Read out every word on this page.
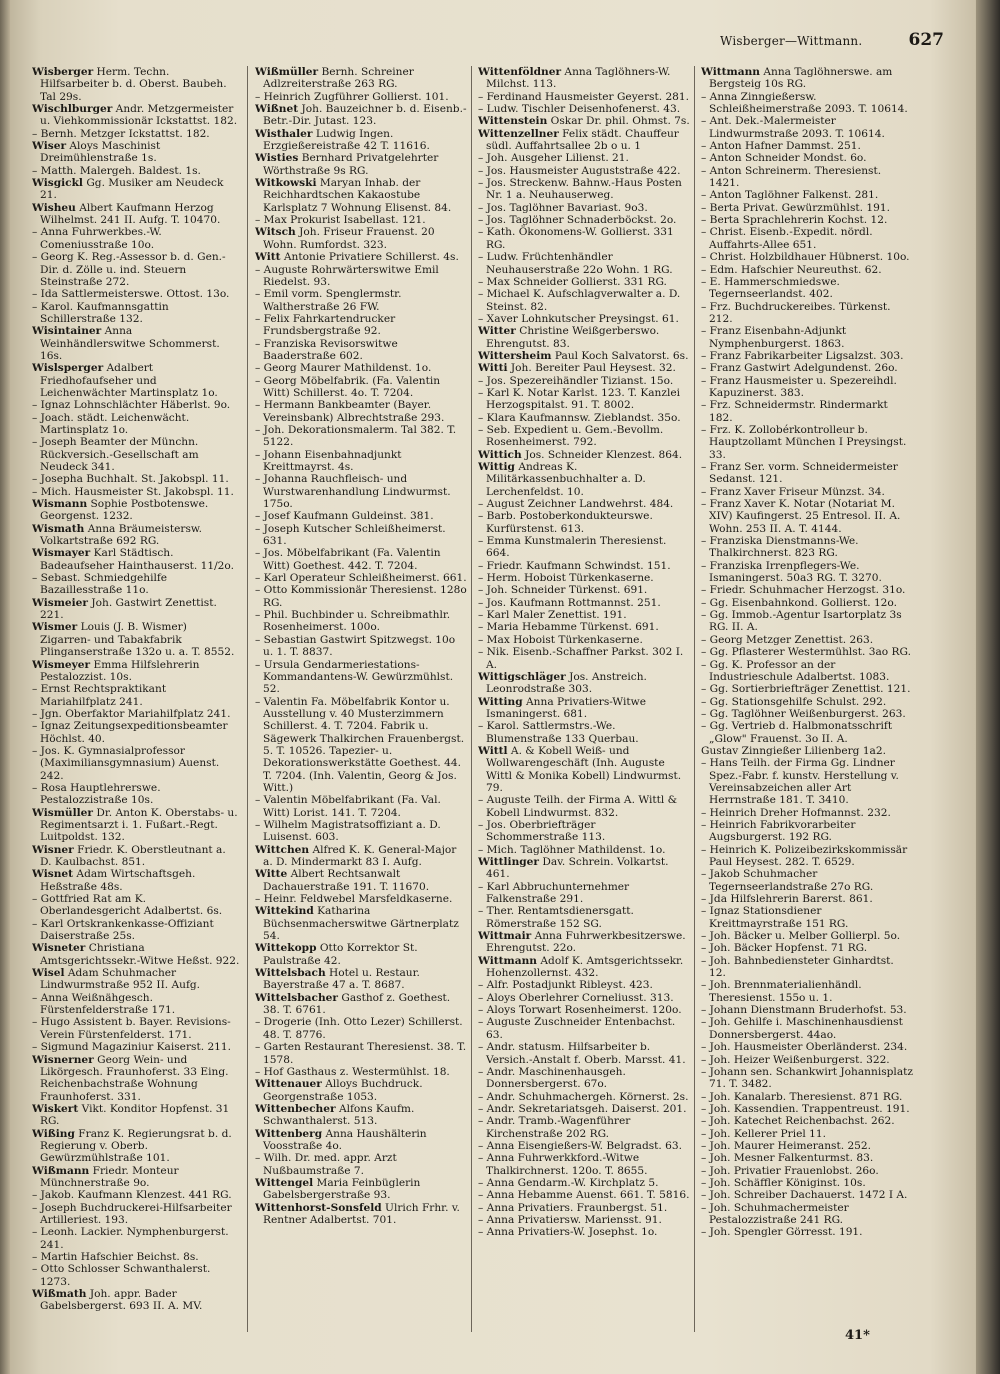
Wisberger—Wittmann.	627

Wisberger Herm. Techn. Hilfsarbeiter b. d. Oberst. Baubeh. Tal 29s.

Wischlburger Andr. Metzgermeister u. Viehkommissionär Ickstattst. 182.

– Bernh. Metzger Ickstattst. 182.

Wiser Aloys Maschinist Dreimühlenstraße 1s.

– Matth. Malergeh. Baldest. 1s.

Wisgickl Gg. Musiker am Neudeck 21.

Wisheu Albert Kaufmann Herzog Wilhelmst. 241 II. Aufg. T. 10470.

– Anna Fuhrwerkbes.-W. Comeniusstraße 10o.

– Georg K. Reg.-Assessor b. d. Gen.-Dir. d. Zölle u. ind. Steuern Steinstraße 272.

– Ida Sattlermeisterswe. Ottost. 13o.

– Karol. Kaufmannsgattin Schillerstraße 132.

Wisintainer Anna Weinhändlerswitwe Schommerst. 16s.

Wislsperger Adalbert Friedhofaufseher und Leichenwächter Martinsplatz 1o.

– Ignaz Lohnschlächter Häberlst. 9o.

– Joach. städt. Leichenwächt. Martinsplatz 1o.

– Joseph Beamter der Münchn. Rückversich.-Gesellschaft am Neudeck 341.

– Josepha Buchhalt. St. Jakobspl. 11.

– Mich. Hausmeister St. Jakobspl. 11.

Wismann Sophie Postbotenswe. Georgenst. 1232.

Wismath Anna Bräumeistersw. Volkartstraße 692 RG.

Wismayer Karl Städtisch. Badeaufseher Hainthauserst. 11/2o.

– Sebast. Schmiedgehilfe Bazaillesstraße 11o.

Wismeier Joh. Gastwirt Zenettist. 221.

Wismer Louis (J. B. Wismer) Zigarren- und Tabakfabrik Plinganserstraße 132o u. a. T. 8552.

Wismeyer Emma Hilfslehrerin Pestalozzist. 10s.

– Ernst Rechtspraktikant Mariahilfplatz 241.

– Jgn. Oberfaktor Mariahilfplatz 241.

– Ignaz Zeitungsexpeditionsbeamter Höchlst. 40.

– Jos. K. Gymnasialprofessor (Maximiliansgymnasium) Auenst. 242.

– Rosa Hauptlehrerswe. Pestalozzistraße 10s.

Wismüller Dr. Anton K. Oberstabs- u. Regimentsarzt i. 1. Fußart.-Regt. Luitpoldst. 132.

Wisner Friedr. K. Oberstleutnant a. D. Kaulbachst. 851.

Wisnet Adam Wirtschaftsgeh. Heßstraße 48s.

– Gottfried Rat am K. Oberlandesgericht Adalbertst. 6s.

– Karl Ortskrankenkasse-Offiziant Daiserstraße 25s.

Wisneter Christiana Amtsgerichtssekr.-Witwe Heßst. 922.

Wisel Adam Schuhmacher Lindwurmstraße 952 II. Aufg.

– Anna Weißnähgesch. Fürstenfelderstraße 171.

– Hugo Assistent b. Bayer. Revisions-Verein Fürstenfelderst. 171.

– Sigmund Magaziniur Kaiserst. 211.

Wisnerner Georg Wein- und Likörgesch. Fraunhoferst. 33 Eing. Reichenbachstraße Wohnung Fraunhoferst. 331.

Wiskert Vikt. Konditor Hopfenst. 31 RG.

Wißing Franz K. Regierungsrat b. d. Regierung v. Oberb. Gewürzmühlstraße 101.

Wißmann Friedr. Monteur Münchnerstraße 9o.

– Jakob. Kaufmann Klenzest. 441 RG.

– Joseph Buchdruckerei-Hilfsarbeiter Artilleriest. 193.

– Leonh. Lackier. Nymphenburgerst. 241.

– Martin Hafschier Beichst. 8s.

– Otto Schlosser Schwanthalerst. 1273.

Wißmath Joh. appr. Bader Gabelsbergerst. 693 II. A. MV.

Wißmüller Bernh. Schreiner Adlzreiterstraße 263 RG.

– Heinrich Zugführer Gollierst. 101.

Wißnet Joh. Bauzeichner b. d. Eisenb.-Betr.-Dir. Jutast. 123.

Wisthaler Ludwig Ingen. Erzgießereistraße 42 T. 11616.

Wisties Bernhard Privatgelehrter Wörthstraße 9s RG.

Witkowski Maryan Inhab. der Reichhardtschen Kakaostube Karlsplatz 7 Wohnung Elisenst. 84.

– Max Prokurist Isabellast. 121.

Witsch Joh. Friseur Frauenst. 20 Wohn. Rumfordst. 323.

Witt Antonie Privatiere Schillerst. 4s.

– Auguste Rohrwärterswitwe Emil Riedelst. 93.

– Emil vorm. Spenglermstr. Waltherstraße 26 FW.

– Felix Fahrkartendrucker Frundsbergstraße 92.

– Franziska Revisorswitwe Baaderstraße 602.

– Georg Maurer Mathildenst. 1o.

– Georg Möbelfabrik. (Fa. Valentin Witt) Schillerst. 4o. T. 7204.

– Hermann Bankbeamter (Bayer. Vereinsbank) Albrechtstraße 293.

– Joh. Dekorationsmalerm. Tal 382. T. 5122.

– Johann Eisenbahnadjunkt Kreittmayrst. 4s.

– Johanna Rauchfleisch- und Wurstwarenhandlung Lindwurmst. 175o.

– Josef Kaufmann Guldeinst. 381.

– Joseph Kutscher Schleißheimerst. 631.

– Jos. Möbelfabrikant (Fa. Valentin Witt) Goethest. 442. T. 7204.

– Karl Operateur Schleißheimerst. 661.

– Otto Kommissionär Theresienst. 128o RG.

– Phil. Buchbinder u. Schreibmathlr. Rosenheimerst. 100o.

– Sebastian Gastwirt Spitzwegst. 10o u. 1. T. 8837.

– Ursula Gendarmeriestations-Kommandantens-W. Gewürzmühlst. 52.

– Valentin Fa. Möbelfabrik Kontor u. Ausstellung v. 40 Musterzimmern Schillerst. 4. T. 7204. Fabrik u. Sägewerk Thalkirchen Frauenbergst. 5. T. 10526. Tapezier- u. Dekorationswerkstätte Goethest. 44. T. 7204. (Inh. Valentin, Georg & Jos. Witt.)

– Valentin Möbelfabrikant (Fa. Val. Witt) Lorist. 141. T. 7204.

– Wilhelm Magistratsoffiziant a. D. Luisenst. 603.

Wittchen Alfred K. K. General-Major a. D. Mindermarkt 83 I. Aufg.

Witte Albert Rechtsanwalt Dachauerstraße 191. T. 11670.

– Heinr. Feldwebel Marsfeldkaserne.

Wittekind Katharina Büchsenmacherswitwe Gärtnerplatz 54.

Wittekopp Otto Korrektor St. Paulstraße 42.

Wittelsbach Hotel u. Restaur. Bayerstraße 47 a. T. 8687.

Wittelsbacher Gasthof z. Goethest. 38. T. 6761.

– Drogerie (Inh. Otto Lezer) Schillerst. 48. T. 8776.

– Garten Restaurant Theresienst. 38. T. 1578.

– Hof Gasthaus z. Westermühlst. 18.

Wittenauer Alloys Buchdruck. Georgenstraße 1053.

Wittenbecher Alfons Kaufm. Schwanthalerst. 513.

Wittenberg Anna Haushälterin Voosstraße 4o.

– Wilh. Dr. med. appr. Arzt Nußbaumstraße 7.

Wittengel Maria Feinbüglerin Gabelsbergerstraße 93.

Wittenhorst-Sonsfeld Ulrich Frhr. v. Rentner Adalbertst. 701.

Wittenföldner Anna Taglöhners-W. Milchst. 113.

– Ferdinand Hausmeister Geyerst. 281.

– Ludw. Tischler Deisenhofenerst. 43.

Wittenstein Oskar Dr. phil. Ohmst. 7s.

Wittenzellner Felix städt. Chauffeur südl. Auffahrtsallee 2b o u. 1

– Joh. Ausgeher Lilienst. 21.

– Jos. Hausmeister Auguststraße 422.

– Jos. Streckenw. Bahnw.-Haus Posten Nr. 1 a. Neuhauserweg.

– Jos. Taglöhner Bavariast. 9o3.

– Jos. Taglöhner Schnaderböckst. 2o.

– Kath. Ökonomens-W. Gollierst. 331 RG.

– Ludw. Früchtenhändler Neuhauserstraße 22o Wohn. 1 RG.

– Max Schneider Gollierst. 331 RG.

– Michael K. Aufschlagverwalter a. D. Steinst. 82.

– Xaver Lohnkutscher Preysingst. 61.

Witter Christine Weißgerberswo. Ehrengutst. 83.

Wittersheim Paul Koch Salvatorst. 6s.

Witti Joh. Bereiter Paul Heysest. 32.

– Jos. Spezereihändler Tizianst. 15o.

– Karl K. Notar Karlst. 123. T. Kanzlei Herzogspitalst. 91. T. 8002.

– Klara Kaufmannsw. Zieblandst. 35o.

– Seb. Expedient u. Gem.-Bevollm. Rosenheimerst. 792.

Wittich Jos. Schneider Klenzest. 864.

Wittig Andreas K. Militärkassenbuchhalter a. D. Lerchenfeldst. 10.

– August Zeichner Landwehrst. 484.

– Barb. Postoberkondukteurswe. Kurfürstenst. 613.

– Emma Kunstmalerin Theresienst. 664.

– Friedr. Kaufmann Schwindst. 151.

– Herm. Hoboist Türkenkaserne.

– Joh. Schneider Türkenst. 691.

– Jos. Kaufmann Rottmannst. 251.

– Karl Maler Zenettist. 191.

– Maria Hebamme Türkenst. 691.

– Max Hoboist Türkenkaserne.

– Nik. Eisenb.-Schaffner Parkst. 302 I. A.

Wittigschläger Jos. Anstreich. Leonrodstraße 303.

Witting Anna Privatiers-Witwe Ismaningerst. 681.

– Karol. Sattlermstrs.-We. Blumenstraße 133 Querbau.

Wittl A. & Kobell Weiß- und Wollwarengeschäft (Inh. Auguste Wittl & Monika Kobell) Lindwurmst. 79.

– Auguste Teilh. der Firma A. Wittl & Kobell Lindwurmst. 832.

– Jos. Oberbriefträger Schommerstraße 113.

– Mich. Taglöhner Mathildenst. 1o.

Wittlinger Dav. Schrein. Volkartst. 461.

– Karl Abbruchunternehmer Falkenstraße 291.

– Ther. Rentamtsdienersgatt. Römerstraße 152 SG.

Wittmair Anna Fuhrwerkbesitzerswe. Ehrengutst. 22o.

Wittmann Adolf K. Amtsgerichtssekr. Hohenzollernst. 432.

– Alfr. Postadjunkt Ribleyst. 423.

– Aloys Oberlehrer Corneliusst. 313.

– Aloys Torwart Rosenheimerst. 120o.

– Auguste Zuschneider Entenbachst. 63.

– Andr. statusm. Hilfsarbeiter b. Versich.-Anstalt f. Oberb. Marsst. 41.

– Andr. Maschinenhausgeh. Donnersbergerst. 67o.

– Andr. Schuhmachergeh. Körnerst. 2s.

– Andr. Sekretariatsgeh. Daiserst. 201.

– Andr. Tramb.-Wagenführer Kirchenstraße 202 RG.

– Anna Eisengießers-W. Belgradst. 63.

– Anna Fuhrwerkkford.-Witwe Thalkirchnerst. 120o. T. 8655.

– Anna Gendarm.-W. Kirchplatz 5.

– Anna Hebamme Auenst. 661. T. 5816.

– Anna Privatiers. Fraunbergst. 51.

– Anna Privatiersw. Mariensst. 91.

– Anna Privatiers-W. Josephst. 1o.

Wittmann Anna Taglöhnerswe. am Bergsteig 10s RG.

– Anna Zinngießersw. Schleißheimerstraße 2093. T. 10614.

– Ant. Dek.-Malermeister Lindwurmstraße 2093. T. 10614.

– Anton Hafner Dammst. 251.

– Anton Schneider Mondst. 6o.

– Anton Schreinerm. Theresienst. 1421.

– Anton Taglöhner Falkenst. 281.

– Berta Privat. Gewürzmühlst. 191.

– Berta Sprachlehrerin Kochst. 12.

– Christ. Eisenb.-Expedit. nördl. Auffahrts-Allee 651.

– Christ. Holzbildhauer Hübnerst. 10o.

– Edm. Hafschier Neureuthst. 62.

– E. Hammerschmiedswe. Tegernseerlandst. 402.

– Frz. Buchdruckereibes. Türkenst. 212.

– Franz Eisenbahn-Adjunkt Nymphenburgerst. 1863.

– Franz Fabrikarbeiter Ligsalzst. 303.

– Franz Gastwirt Adelgundenst. 26o.

– Franz Hausmeister u. Spezereihdl. Kapuzinerst. 383.

– Frz. Schneidermstr. Rindermarkt 182.

– Frz. K. Zollobérkontrolleur b. Hauptzollamt München I Preysingst. 33.

– Franz Ser. vorm. Schneidermeister Sedanst. 121.

– Franz Xaver Friseur Münzst. 34.

– Franz Xaver K. Notar (Notariat M. XIV) Kaufingerst. 25 Entresol. II. A. Wohn. 253 II. A. T. 4144.

– Franziska Dienstmanns-We. Thalkirchnerst. 823 RG.

– Franziska Irrenpflegers-We. Ismaningerst. 50a3 RG. T. 3270.

– Friedr. Schuhmacher Herzogst. 31o.

– Gg. Eisenbahnkond. Gollierst. 12o.

– Gg. Immob.-Agentur Isartorplatz 3s RG. II. A.

– Georg Metzger Zenettist. 263.

– Gg. Pflasterer Westermühlst. 3ao RG.

– Gg. K. Professor an der Industrieschule Adalbertst. 1083.

– Gg. Sortierbriefträger Zenettist. 121.

– Gg. Stationsgehilfe Schulst. 292.

– Gg. Taglöhner Weißenburgerst. 263.

– Gg. Vertrieb d. Halbmonatsschrift „Glow" Frauenst. 3o II. A.

Gustav Zinngießer Lilienberg 1a2.

– Hans Teilh. der Firma Gg. Lindner Spez.-Fabr. f. kunstv. Herstellung v. Vereinsabzeichen aller Art Herrnstraße 181. T. 3410.

– Heinrich Dreher Hofmannst. 232.

– Heinrich Fabrikvorarbeiter Augsburgerst. 192 RG.

– Heinrich K. Polizeibezirkskommissär Paul Heysest. 282. T. 6529.

– Jakob Schuhmacher Tegernseerlandstraße 27o RG.

– Jda Hilfslehrerin Barerst. 861.

– Ignaz Stationsdiener Kreittmayrstraße 151 RG.

– Joh. Bäcker u. Melber Gollierpl. 5o.

– Joh. Bäcker Hopfenst. 71 RG.

– Joh. Bahnbediensteter Ginhardtst. 12.

– Joh. Brennmaterialienhändl. Theresienst. 155o u. 1.

– Johann Dienstmann Bruderhofst. 53.

– Joh. Gehilfe i. Maschinenhausdienst Donnersbergerst. 44ao.

– Joh. Hausmeister Oberländerst. 234.

– Joh. Heizer Weißenburgerst. 322.

– Johann sen. Schankwirt Johannisplatz 71. T. 3482.

– Joh. Kanalarb. Theresienst. 871 RG.

– Joh. Kassendien. Trappentreust. 191.

– Joh. Katechet Reichenbachst. 262.

– Joh. Kellerer Priel 11.

– Joh. Maurer Heimeranst. 252.

– Joh. Mesner Falkenturmst. 83.

– Joh. Privatier Frauenlobst. 26o.

– Joh. Schäffler Königinst. 10s.

– Joh. Schreiber Dachauerst. 1472 I A.

– Joh. Schuhmachermeister Pestalozzistraße 241 RG.

– Joh. Spengler Görresst. 191.

41*
